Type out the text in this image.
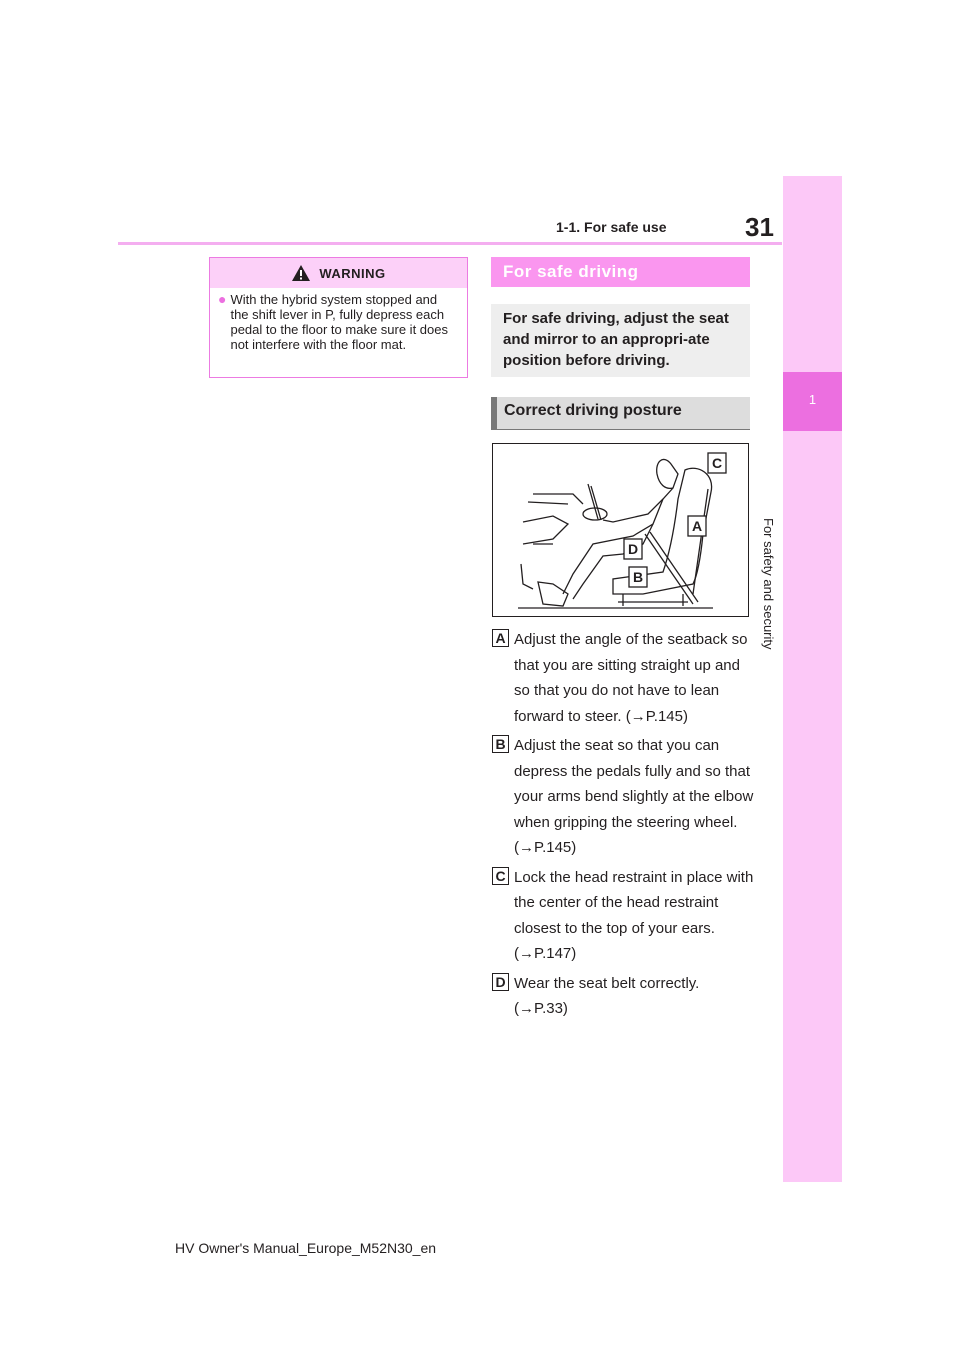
31
1-1. For safe use
1
For safety and security
WARNING
● With the hybrid system stopped and the shift lever in P, fully depress each pedal to the floor to make sure it does not interfere with the floor mat.
For safe driving

For safe driving, adjust the seat and mirror to an appropri-ate position before driving.

Correct driving posture
C
A
D
B
A Adjust the angle of the seatback so that you are sitting straight up and so that you do not have to lean forward to steer. (→P.145)
B Adjust the seat so that you can depress the pedals fully and so that your arms bend slightly at the elbow when gripping the steering wheel. (→P.145)
C Lock the head restraint in place with the center of the head restraint closest to the top of your ears. (→P.147)
D Wear the seat belt correctly. (→P.33)
HV Owner's Manual_Europe_M52N30_en
